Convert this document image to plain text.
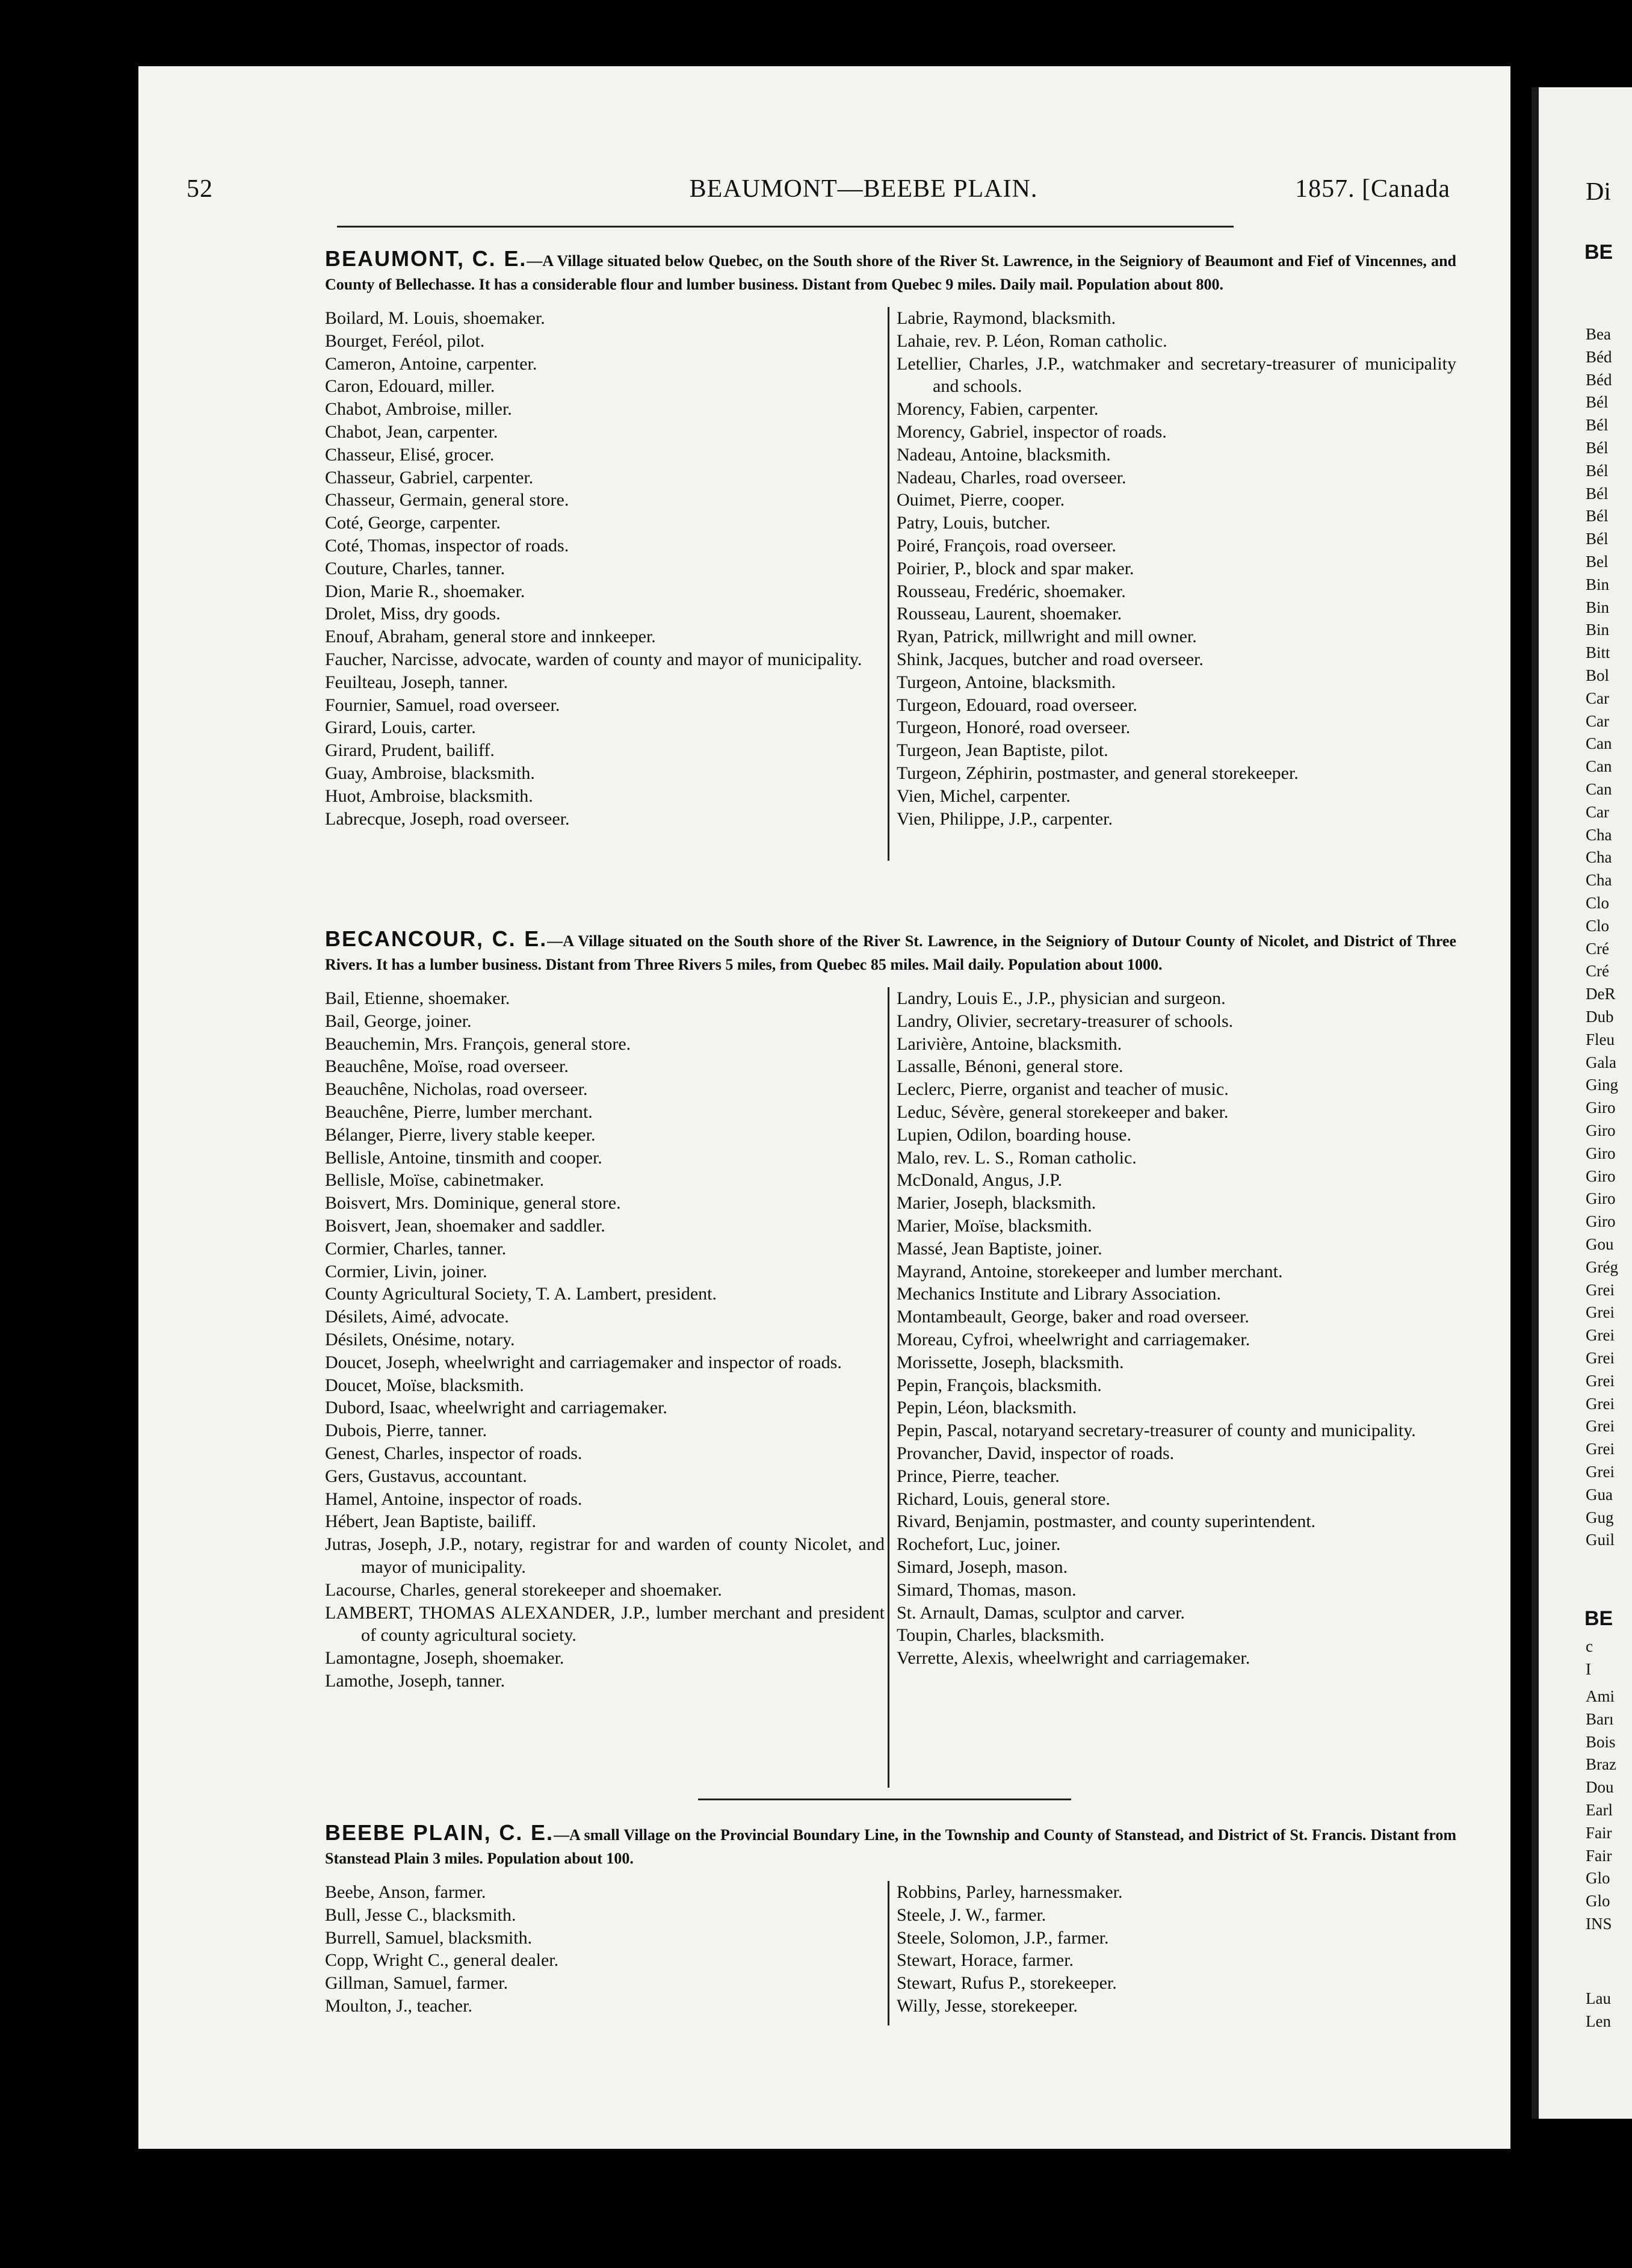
Di
BE
Bea
Béd
Béd
Bél
Bél
Bél
Bél
Bél
Bél
Bél
Bel
Bin
Bin
Bin
Bitt
Bol
Car
Car
Can
Can
Can
Car
Cha
Cha
Cha
Clo
Clo
Cré
Cré
DeR
Dub
Fleu
Gala
Ging
Giro
Giro
Giro
Giro
Giro
Giro
Gou
Grég
Grei
Grei
Grei
Grei
Grei
Grei
Grei
Grei
Grei
Gua
Gug
Guil
BE
c
I
Ami
Barı
Bois
Braz
Dou
Earl
Fair
Fair
Glo
Glo
INS
Lau
Len
52	BEAUMONT—BEEBE PLAIN.	1857. [Canada
BEAUMONT, C. E.—A Village situated below Quebec, on the South shore of the River St. Lawrence, in the Seigniory of Beaumont and Fief of Vincennes, and County of Bellechasse. It has a considerable flour and lumber business. Distant from Quebec 9 miles. Daily mail. Population about 800.
Boilard, M. Louis, shoemaker.
Bourget, Feréol, pilot.
Cameron, Antoine, carpenter.
Caron, Edouard, miller.
Chabot, Ambroise, miller.
Chabot, Jean, carpenter.
Chasseur, Elisé, grocer.
Chasseur, Gabriel, carpenter.
Chasseur, Germain, general store.
Coté, George, carpenter.
Coté, Thomas, inspector of roads.
Couture, Charles, tanner.
Dion, Marie R., shoemaker.
Drolet, Miss, dry goods.
Enouf, Abraham, general store and innkeeper.
Faucher, Narcisse, advocate, warden of county and mayor of municipality.
Feuilteau, Joseph, tanner.
Fournier, Samuel, road overseer.
Girard, Louis, carter.
Girard, Prudent, bailiff.
Guay, Ambroise, blacksmith.
Huot, Ambroise, blacksmith.
Labrecque, Joseph, road overseer.
Labrie, Raymond, blacksmith.
Lahaie, rev. P. Léon, Roman catholic.
Letellier, Charles, J.P., watchmaker and secretary-treasurer of municipality and schools.
Morency, Fabien, carpenter.
Morency, Gabriel, inspector of roads.
Nadeau, Antoine, blacksmith.
Nadeau, Charles, road overseer.
Ouimet, Pierre, cooper.
Patry, Louis, butcher.
Poiré, François, road overseer.
Poirier, P., block and spar maker.
Rousseau, Fredéric, shoemaker.
Rousseau, Laurent, shoemaker.
Ryan, Patrick, millwright and mill owner.
Shink, Jacques, butcher and road overseer.
Turgeon, Antoine, blacksmith.
Turgeon, Edouard, road overseer.
Turgeon, Honoré, road overseer.
Turgeon, Jean Baptiste, pilot.
Turgeon, Zéphirin, postmaster, and general storekeeper.
Vien, Michel, carpenter.
Vien, Philippe, J.P., carpenter.
BECANCOUR, C. E.—A Village situated on the South shore of the River St. Lawrence, in the Seigniory of Dutour County of Nicolet, and District of Three Rivers. It has a lumber business. Distant from Three Rivers 5 miles, from Quebec 85 miles. Mail daily. Population about 1000.
Bail, Etienne, shoemaker.
Bail, George, joiner.
Beauchemin, Mrs. François, general store.
Beauchêne, Moïse, road overseer.
Beauchêne, Nicholas, road overseer.
Beauchêne, Pierre, lumber merchant.
Bélanger, Pierre, livery stable keeper.
Bellisle, Antoine, tinsmith and cooper.
Bellisle, Moïse, cabinetmaker.
Boisvert, Mrs. Dominique, general store.
Boisvert, Jean, shoemaker and saddler.
Cormier, Charles, tanner.
Cormier, Livin, joiner.
County Agricultural Society, T. A. Lambert, president.
Désilets, Aimé, advocate.
Désilets, Onésime, notary.
Doucet, Joseph, wheelwright and carriagemaker and inspector of roads.
Doucet, Moïse, blacksmith.
Dubord, Isaac, wheelwright and carriagemaker.
Dubois, Pierre, tanner.
Genest, Charles, inspector of roads.
Gers, Gustavus, accountant.
Hamel, Antoine, inspector of roads.
Hébert, Jean Baptiste, bailiff.
Jutras, Joseph, J.P., notary, registrar for and warden of county Nicolet, and mayor of municipality.
Lacourse, Charles, general storekeeper and shoemaker.
LAMBERT, THOMAS ALEXANDER, J.P., lumber merchant and president of county agricultural society.
Lamontagne, Joseph, shoemaker.
Lamothe, Joseph, tanner.
Landry, Louis E., J.P., physician and surgeon.
Landry, Olivier, secretary-treasurer of schools.
Larivière, Antoine, blacksmith.
Lassalle, Bénoni, general store.
Leclerc, Pierre, organist and teacher of music.
Leduc, Sévère, general storekeeper and baker.
Lupien, Odilon, boarding house.
Malo, rev. L. S., Roman catholic.
McDonald, Angus, J.P.
Marier, Joseph, blacksmith.
Marier, Moïse, blacksmith.
Massé, Jean Baptiste, joiner.
Mayrand, Antoine, storekeeper and lumber merchant.
Mechanics Institute and Library Association.
Montambeault, George, baker and road overseer.
Moreau, Cyfroi, wheelwright and carriagemaker.
Morissette, Joseph, blacksmith.
Pepin, François, blacksmith.
Pepin, Léon, blacksmith.
Pepin, Pascal, notaryand secretary-treasurer of county and municipality.
Provancher, David, inspector of roads.
Prince, Pierre, teacher.
Richard, Louis, general store.
Rivard, Benjamin, postmaster, and county superintendent.
Rochefort, Luc, joiner.
Simard, Joseph, mason.
Simard, Thomas, mason.
St. Arnault, Damas, sculptor and carver.
Toupin, Charles, blacksmith.
Verrette, Alexis, wheelwright and carriagemaker.
BEEBE PLAIN, C. E.—A small Village on the Provincial Boundary Line, in the Township and County of Stanstead, and District of St. Francis. Distant from Stanstead Plain 3 miles. Population about 100.
Beebe, Anson, farmer.
Bull, Jesse C., blacksmith.
Burrell, Samuel, blacksmith.
Copp, Wright C., general dealer.
Gillman, Samuel, farmer.
Moulton, J., teacher.
Robbins, Parley, harnessmaker.
Steele, J. W., farmer.
Steele, Solomon, J.P., farmer.
Stewart, Horace, farmer.
Stewart, Rufus P., storekeeper.
Willy, Jesse, storekeeper.
